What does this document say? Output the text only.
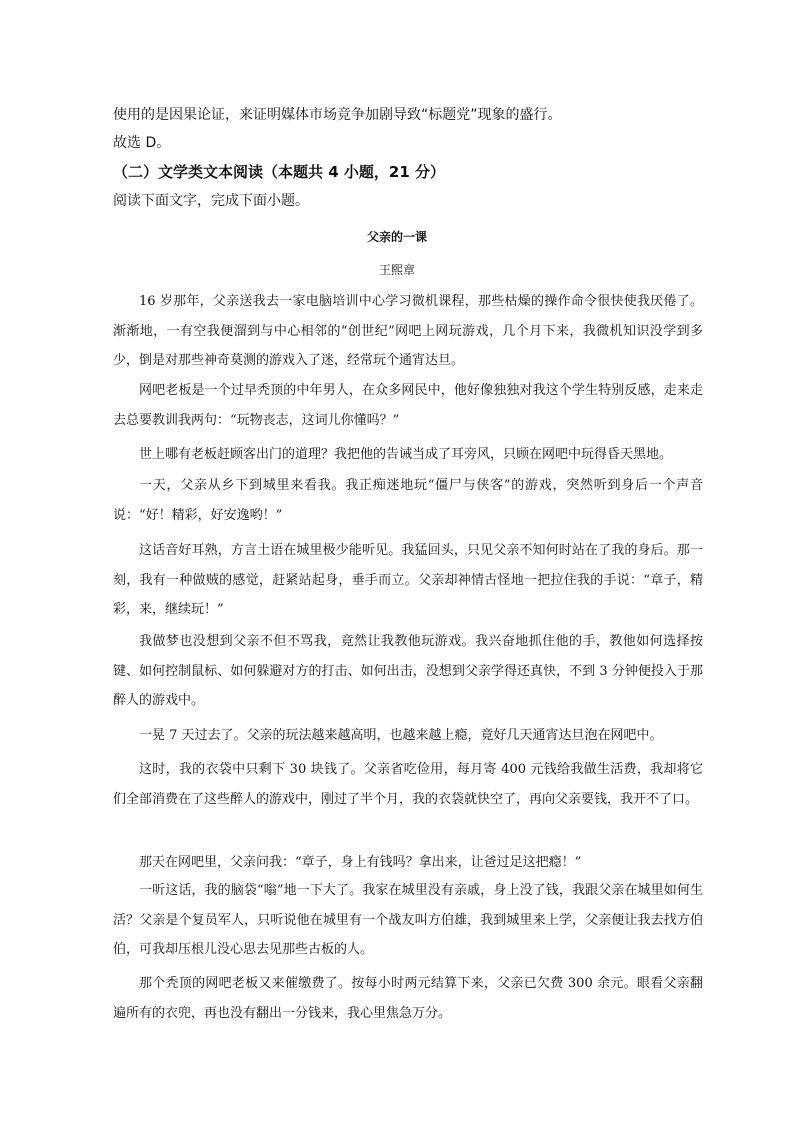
使用的是因果论证，来证明媒体市场竞争加剧导致“标题党”现象的盛行。
故选 D。
（二）文学类文本阅读（本题共 4 小题，21 分）
阅读下面文字，完成下面小题。
父亲的一课
王熙章

16 岁那年，父亲送我去一家电脑培训中心学习微机课程，那些枯燥的操作命令很快使我厌倦了。渐渐地，一有空我便溜到与中心相邻的“创世纪”网吧上网玩游戏，几个月下来，我微机知识没学到多少，倒是对那些神奇莫测的游戏入了迷，经常玩个通宵达旦。

网吧老板是一个过早秃顶的中年男人，在众多网民中，他好像独独对我这个学生特别反感，走来走去总要教训我两句：“玩物丧志，这词儿你懂吗？”

世上哪有老板赶顾客出门的道理？我把他的告诫当成了耳旁风，只顾在网吧中玩得昏天黑地。

一天，父亲从乡下到城里来看我。我正痴迷地玩“僵尸与侠客”的游戏，突然听到身后一个声音说：“好！精彩，好安逸哟！”

这话音好耳熟，方言土语在城里极少能听见。我猛回头，只见父亲不知何时站在了我的身后。那一刻，我有一种做贼的感觉，赶紧站起身，垂手而立。父亲却神情古怪地一把拉住我的手说：“章子，精彩，来，继续玩！”

我做梦也没想到父亲不但不骂我，竟然让我教他玩游戏。我兴奋地抓住他的手，教他如何选择按键、如何控制鼠标、如何躲避对方的打击、如何出击，没想到父亲学得还真快，不到 3 分钟便投入于那醉人的游戏中。

一晃 7 天过去了。父亲的玩法越来越高明，也越来越上瘾，竟好几天通宵达旦泡在网吧中。

这时，我的衣袋中只剩下 30 块钱了。父亲省吃俭用，每月寄 400 元钱给我做生活费，我却将它们全部消费在了这些醉人的游戏中，刚过了半个月，我的衣袋就快空了，再向父亲要钱，我开不了口。

那天在网吧里，父亲问我：“章子，身上有钱吗？拿出来，让爸过足这把瘾！”

一听这话，我的脑袋“嗡”地一下大了。我家在城里没有亲戚，身上没了钱，我跟父亲在城里如何生活？父亲是个复员军人，只听说他在城里有一个战友叫方伯雄，我到城里来上学，父亲便让我去找方伯伯，可我却压根儿没心思去见那些古板的人。

那个秃顶的网吧老板又来催缴费了。按每小时两元结算下来，父亲已欠费 300 余元。眼看父亲翻遍所有的衣兜，再也没有翻出一分钱来，我心里焦急万分。
